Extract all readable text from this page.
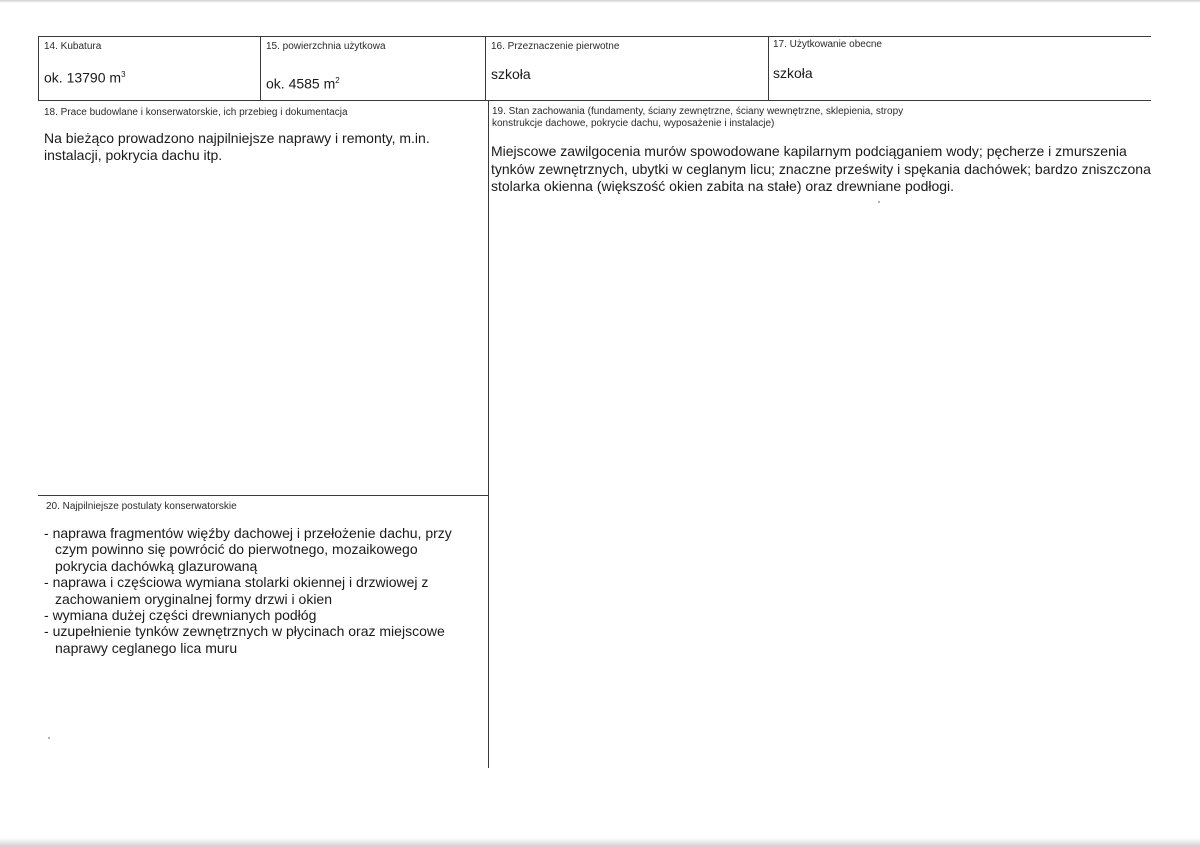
14. Kubatura
ok. 13790 $m^3$
15. powierzchnia użytkowa
ok. 4585 $m^2$
16. Przeznaczenie pierwotne
szkoła
17. Użytkowanie obecne
szkoła
18. Prace budowlane i konserwatorskie, ich przebieg i dokumentacja
Na bieżąco prowadzono najpilniejsze naprawy i remonty, m.in. instalacji, pokrycia dachu itp.
19. Stan zachowania (fundamenty, ściany zewnętrzne, ściany wewnętrzne, sklepienia, stropy konstrukcje dachowe, pokrycie dachu, wyposażenie i instalacje)
Miejscowe zawilgocenia murów spowodowane kapilarnym podciąganiem wody; pęcherze i zmurszenia tynków zewnętrznych, ubytki w ceglanym licu; znaczne prześwity i spękania dachówek; bardzo zniszczona stolarka okienna (większość okien zabita na stałe) oraz drewniane podłogi.
20. Najpilniejsze postulaty konserwatorskie
- naprawa fragmentów więźby dachowej i przełożenie dachu, przy czym powinno się powrócić do pierwotnego, mozaikowego pokrycia dachówką glazurowaną
- naprawa i częściowa wymiana stolarki okiennej i drzwiowej z zachowaniem oryginalnej formy drzwi i okien
- wymiana dużej części drewnianych podłóg
- uzupełnienie tynków zewnętrznych w płycinach oraz miejscowe naprawy ceglanego lica muru
